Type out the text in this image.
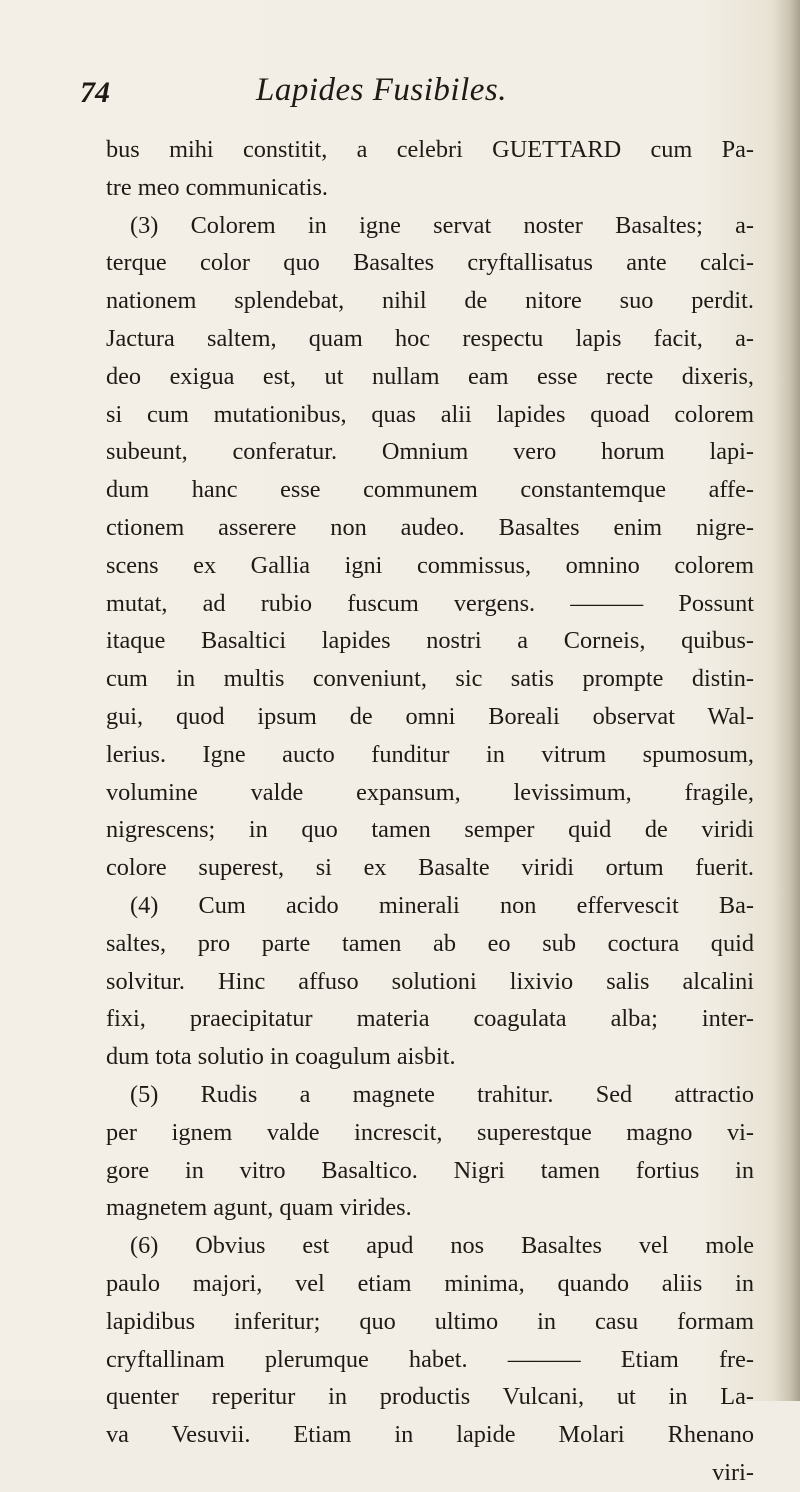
74	Lapides Fusibiles.
bus mihi constitit, a celebri GUETTARD cum Pa-
tre meo communicatis.
(3) Colorem in igne servat noster Basaltes; a-
terque color quo Basaltes cryftallisatus ante calci-
nationem splendebat, nihil de nitore suo perdit.
Jactura saltem, quam hoc respectu lapis facit, a-
deo exigua est, ut nullam eam esse recte dixeris,
si cum mutationibus, quas alii lapides quoad colorem
subeunt, conferatur. Omnium vero horum lapi-
dum hanc esse communem constantemque affe-
ctionem asserere non audeo. Basaltes enim nigre-
scens ex Gallia igni commissus, omnino colorem
mutat, ad rubio fuscum vergens. ——— Possunt
itaque Basaltici lapides nostri a Corneis, quibus-
cum in multis conveniunt, sic satis prompte distin-
gui, quod ipsum de omni Boreali observat Wal-
lerius. Igne aucto funditur in vitrum spumosum,
volumine valde expansum, levissimum, fragile,
nigrescens; in quo tamen semper quid de viridi
colore superest, si ex Basalte viridi ortum fuerit.
(4) Cum acido minerali non effervescit Ba-
saltes, pro parte tamen ab eo sub coctura quid
solvitur. Hinc affuso solutioni lixivio salis alcalini
fixi, praecipitatur materia coagulata alba; inter-
dum tota solutio in coagulum aisbit.
(5) Rudis a magnete trahitur. Sed attractio
per ignem valde increscit, superestque magno vi-
gore in vitro Basaltico. Nigri tamen fortius in
magnetem agunt, quam virides.
(6) Obvius est apud nos Basaltes vel mole
paulo majori, vel etiam minima, quando aliis in
lapidibus inferitur; quo ultimo in casu formam
cryftallinam plerumque habet. ——— Etiam fre-
quenter reperitur in productis Vulcani, ut in La-
va Vesuvii. Etiam in lapide Molari Rhenano
viri-
